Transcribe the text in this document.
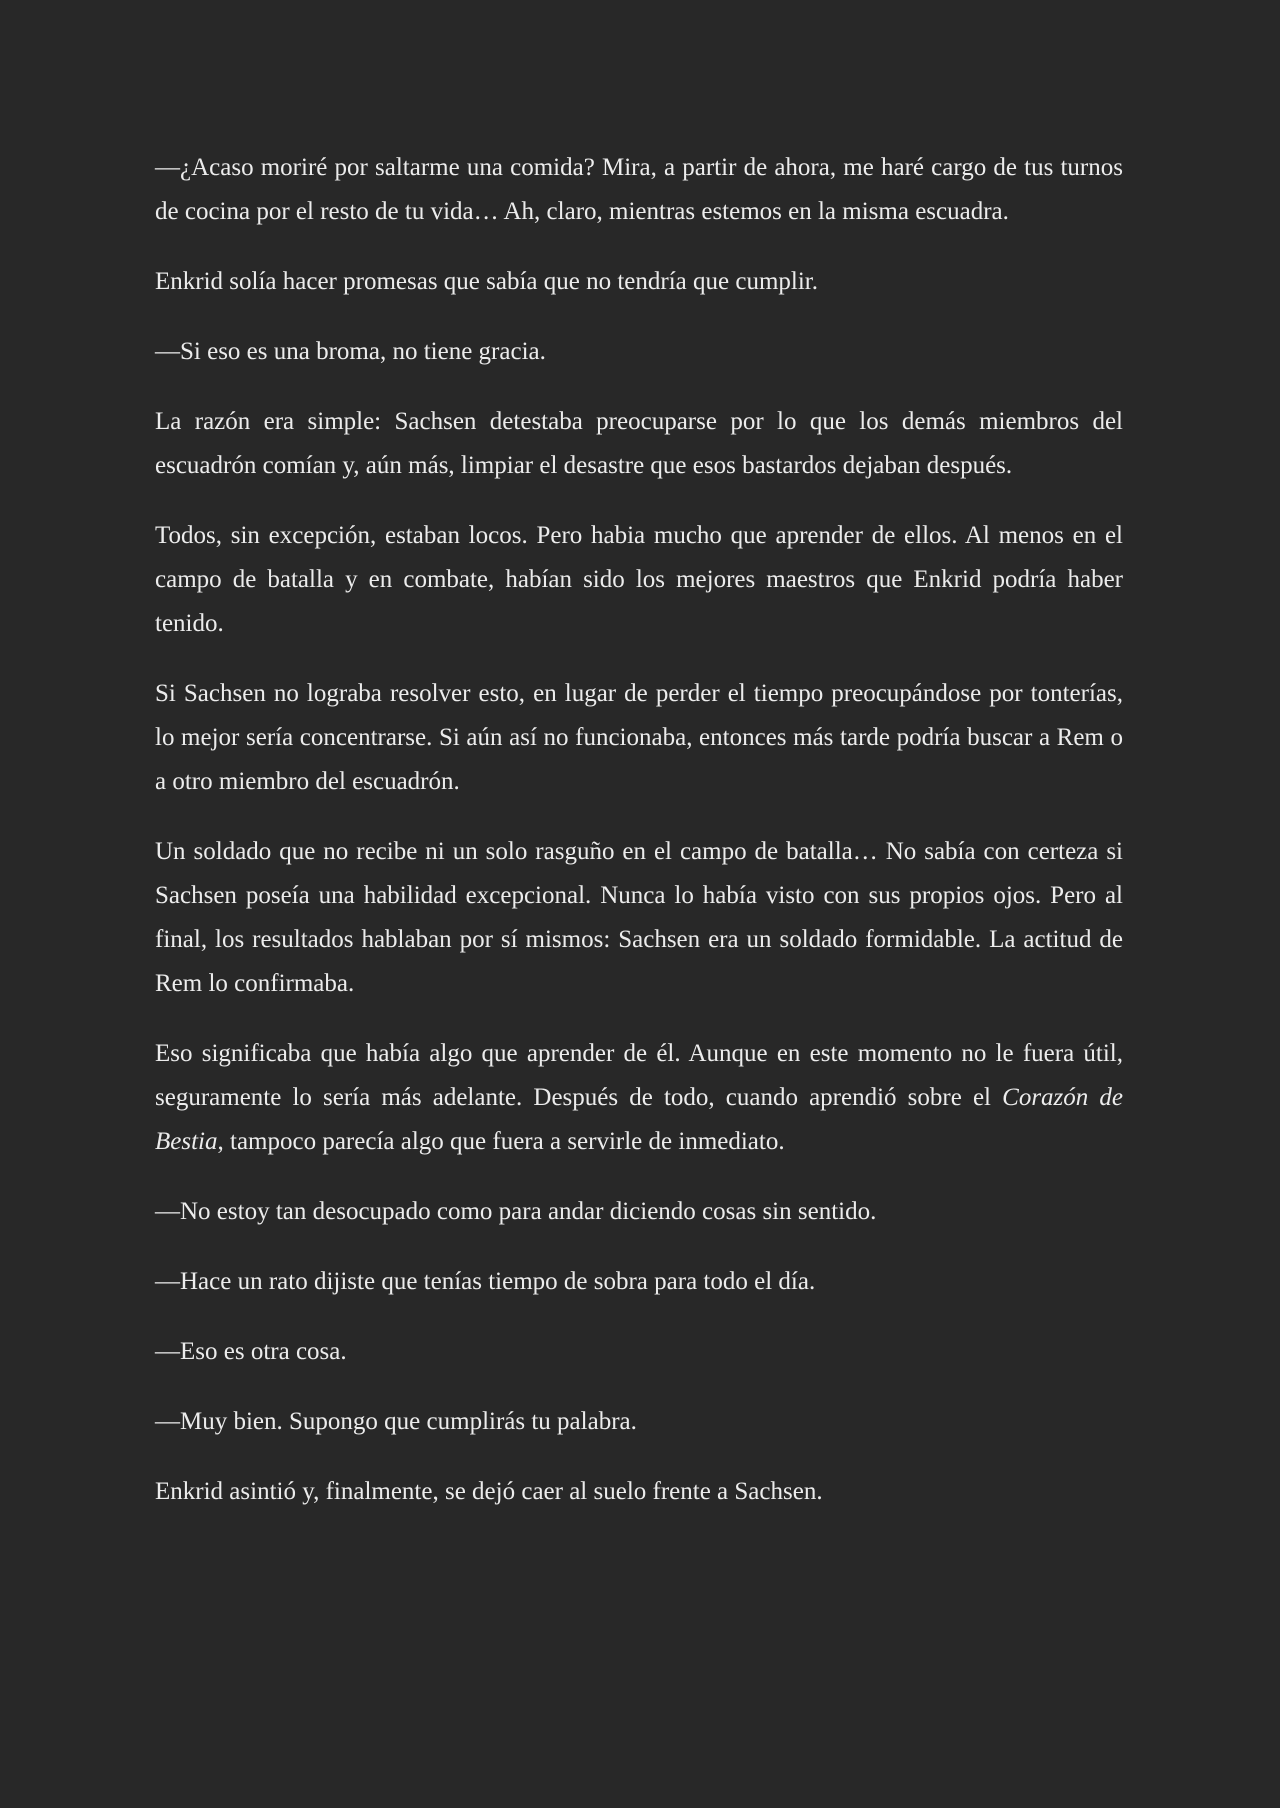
—¿Acaso moriré por saltarme una comida? Mira, a partir de ahora, me haré cargo de tus turnos de cocina por el resto de tu vida… Ah, claro, mientras estemos en la misma escuadra.

Enkrid solía hacer promesas que sabía que no tendría que cumplir.

—Si eso es una broma, no tiene gracia.

La razón era simple: Sachsen detestaba preocuparse por lo que los demás miembros del escuadrón comían y, aún más, limpiar el desastre que esos bastardos dejaban después.

Todos, sin excepción, estaban locos. Pero habia mucho que aprender de ellos. Al menos en el campo de batalla y en combate, habían sido los mejores maestros que Enkrid podría haber tenido.

Si Sachsen no lograba resolver esto, en lugar de perder el tiempo preocupándose por tonterías, lo mejor sería concentrarse. Si aún así no funcionaba, entonces más tarde podría buscar a Rem o a otro miembro del escuadrón.

Un soldado que no recibe ni un solo rasguño en el campo de batalla… No sabía con certeza si Sachsen poseía una habilidad excepcional. Nunca lo había visto con sus propios ojos. Pero al final, los resultados hablaban por sí mismos: Sachsen era un soldado formidable. La actitud de Rem lo confirmaba.

Eso significaba que había algo que aprender de él. Aunque en este momento no le fuera útil, seguramente lo sería más adelante. Después de todo, cuando aprendió sobre el Corazón de Bestia, tampoco parecía algo que fuera a servirle de inmediato.

—No estoy tan desocupado como para andar diciendo cosas sin sentido.

—Hace un rato dijiste que tenías tiempo de sobra para todo el día.

—Eso es otra cosa.

—Muy bien. Supongo que cumplirás tu palabra.

Enkrid asintió y, finalmente, se dejó caer al suelo frente a Sachsen.
